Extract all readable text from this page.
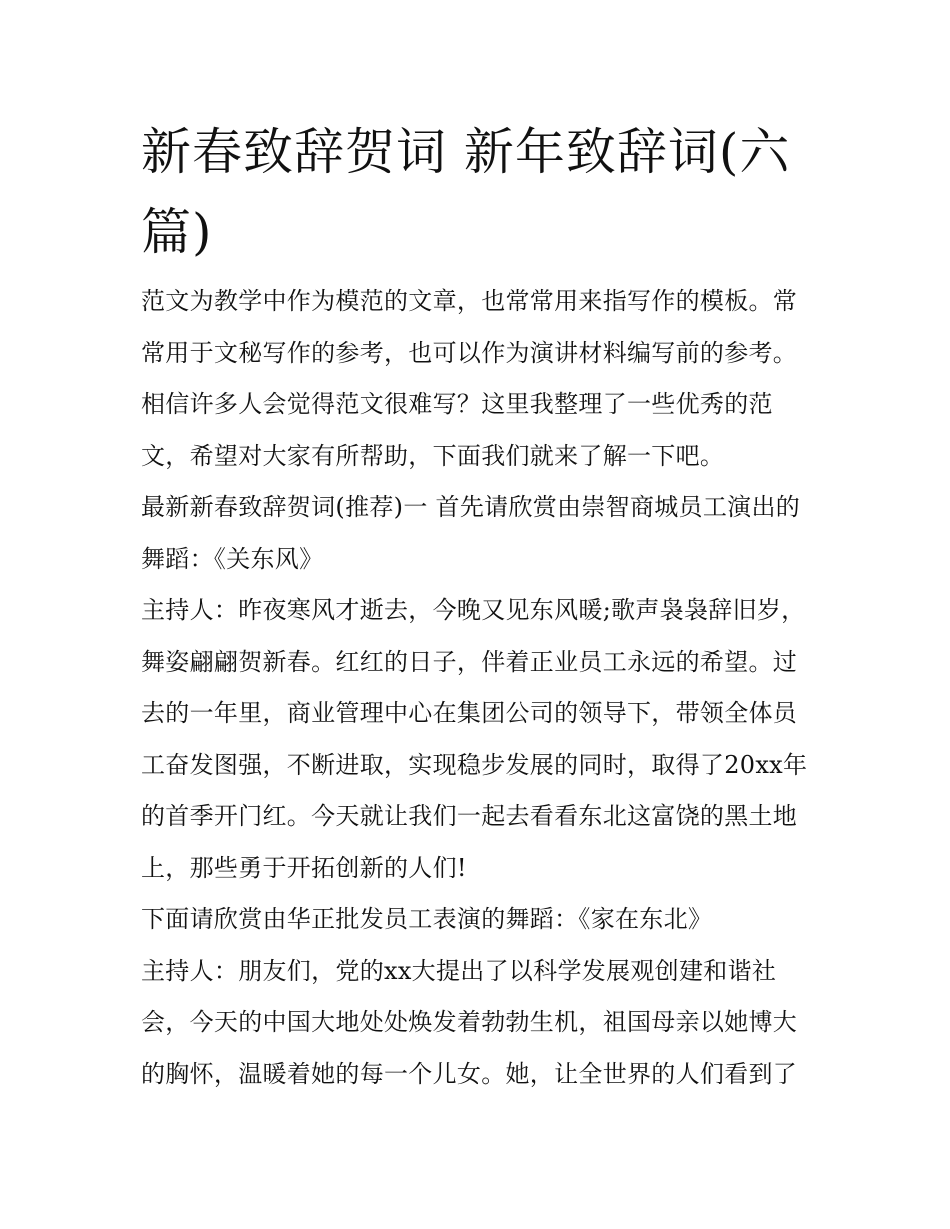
新春致辞贺词 新年致辞词(六篇)

范文为教学中作为模范的文章，也常常用来指写作的模板。常常用于文秘写作的参考，也可以作为演讲材料编写前的参考。相信许多人会觉得范文很难写？这里我整理了一些优秀的范文，希望对大家有所帮助，下面我们就来了解一下吧。

最新新春致辞贺词(推荐)一 首先请欣赏由崇智商城员工演出的舞蹈：《关东风》

主持人：昨夜寒风才逝去，今晚又见东风暖;歌声袅袅辞旧岁，舞姿翩翩贺新春。红红的日子，伴着正业员工永远的希望。过去的一年里，商业管理中心在集团公司的领导下，带领全体员工奋发图强，不断进取，实现稳步发展的同时，取得了20xx年的首季开门红。今天就让我们一起去看看东北这富饶的黑土地上，那些勇于开拓创新的人们!

下面请欣赏由华正批发员工表演的舞蹈：《家在东北》

主持人：朋友们，党的xx大提出了以科学发展观创建和谐社会，今天的中国大地处处焕发着勃勃生机，祖国母亲以她博大的胸怀，温暖着她的每一个儿女。她，让全世界的人们看到了
